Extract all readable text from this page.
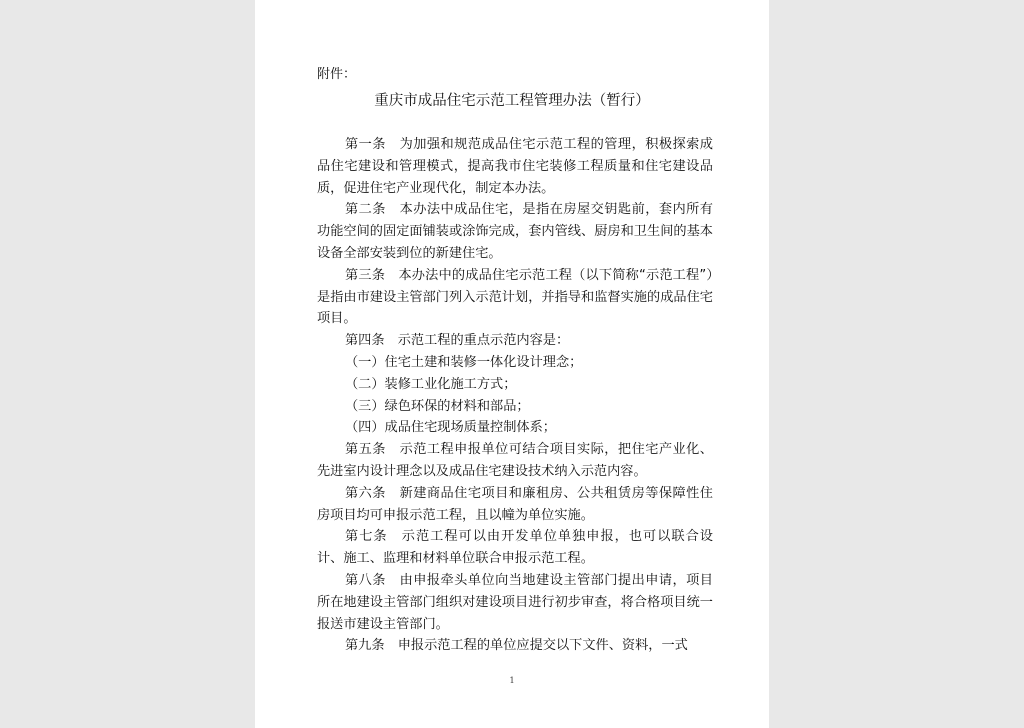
附件：
重庆市成品住宅示范工程管理办法（暂行）

第一条　为加强和规范成品住宅示范工程的管理，积极探索成品住宅建设和管理模式，提高我市住宅装修工程质量和住宅建设品质，促进住宅产业现代化，制定本办法。

第二条　本办法中成品住宅，是指在房屋交钥匙前，套内所有功能空间的固定面铺装或涂饰完成，套内管线、厨房和卫生间的基本设备全部安装到位的新建住宅。

第三条　本办法中的成品住宅示范工程（以下简称“示范工程”）是指由市建设主管部门列入示范计划，并指导和监督实施的成品住宅项目。

第四条　示范工程的重点示范内容是：

（一）住宅土建和装修一体化设计理念；

（二）装修工业化施工方式；

（三）绿色环保的材料和部品；

（四）成品住宅现场质量控制体系；

第五条　示范工程申报单位可结合项目实际，把住宅产业化、先进室内设计理念以及成品住宅建设技术纳入示范内容。

第六条　新建商品住宅项目和廉租房、公共租赁房等保障性住房项目均可申报示范工程，且以幢为单位实施。

第七条　示范工程可以由开发单位单独申报，也可以联合设计、施工、监理和材料单位联合申报示范工程。

第八条　由申报牵头单位向当地建设主管部门提出申请，项目所在地建设主管部门组织对建设项目进行初步审查，将合格项目统一报送市建设主管部门。

第九条　申报示范工程的单位应提交以下文件、资料，一式

1
